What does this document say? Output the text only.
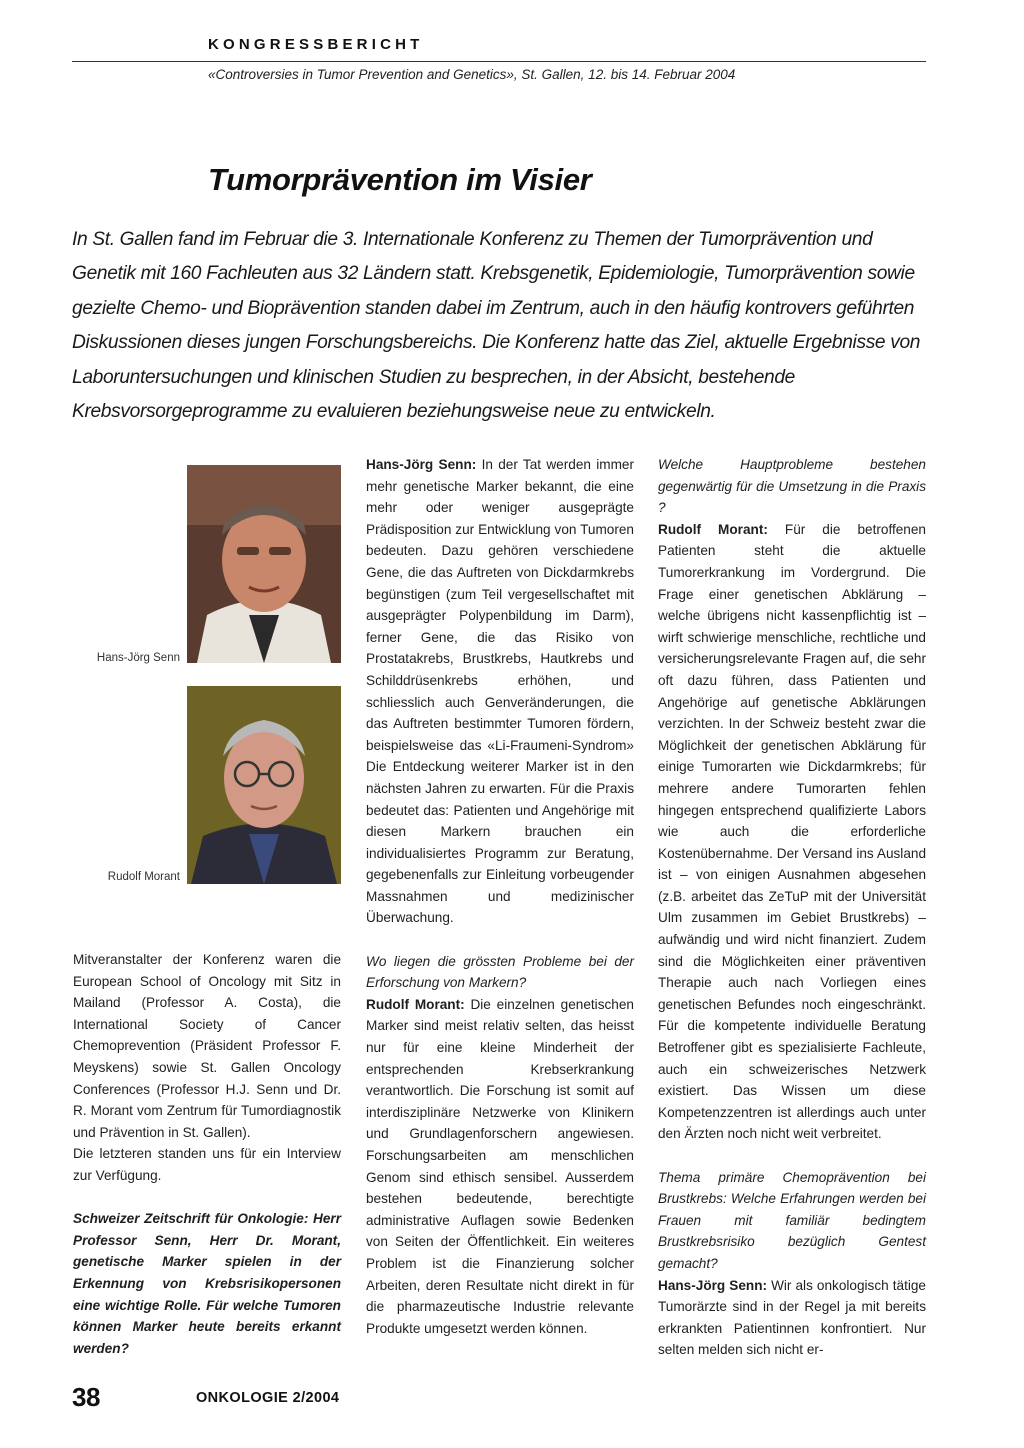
KONGRESSBERICHT
«Controversies in Tumor Prevention and Genetics», St. Gallen, 12. bis 14. Februar 2004
Tumorprävention im Visier
In St. Gallen fand im Februar die 3. Internationale Konferenz zu Themen der Tumorprävention und Genetik mit 160 Fachleuten aus 32 Ländern statt. Krebsgenetik, Epidemiologie, Tumorprävention sowie gezielte Chemo- und Bioprävention standen dabei im Zentrum, auch in den häufig kontrovers geführten Diskussionen dieses jungen Forschungsbereichs. Die Konferenz hatte das Ziel, aktuelle Ergebnisse von Laboruntersuchungen und klinischen Studien zu besprechen, in der Absicht, bestehende Krebsvorsorgeprogramme zu evaluieren beziehungsweise neue zu entwickeln.
Hans-Jörg Senn
Rudolf Morant

Mitveranstalter der Konferenz waren die European School of Oncology mit Sitz in Mailand (Professor A. Costa), die International Society of Cancer Chemoprevention (Präsident Professor F. Meyskens) sowie St. Gallen Oncology Conferences (Professor H.J. Senn und Dr. R. Morant vom Zentrum für Tumordiagnostik und Prävention in St. Gallen).

Die letzteren standen uns für ein Interview zur Verfügung.

Schweizer Zeitschrift für Onkologie: Herr Professor Senn, Herr Dr. Morant, genetische Marker spielen in der Erkennung von Krebsrisikopersonen eine wichtige Rolle. Für welche Tumoren können Marker heute bereits erkannt werden?

Hans-Jörg Senn: In der Tat werden immer mehr genetische Marker bekannt, die eine mehr oder weniger ausgeprägte Prädisposition zur Entwicklung von Tumoren bedeuten. Dazu gehören verschiedene Gene, die das Auftreten von Dickdarmkrebs begünstigen (zum Teil vergesellschaftet mit ausgeprägter Polypenbildung im Darm), ferner Gene, die das Risiko von Prostatakrebs, Brustkrebs, Hautkrebs und Schilddrüsenkrebs erhöhen, und schliesslich auch Genveränderungen, die das Auftreten bestimmter Tumoren fördern, beispielsweise das «Li-Fraumeni-Syndrom» Die Entdeckung weiterer Marker ist in den nächsten Jahren zu erwarten. Für die Praxis bedeutet das: Patienten und Angehörige mit diesen Markern brauchen ein individualisiertes Programm zur Beratung, gegebenenfalls zur Einleitung vorbeugender Massnahmen und medizinischer Überwachung.

Wo liegen die grössten Probleme bei der Erforschung von Markern?

Rudolf Morant: Die einzelnen genetischen Marker sind meist relativ selten, das heisst nur für eine kleine Minderheit der entsprechenden Krebserkrankung verantwortlich. Die Forschung ist somit auf interdisziplinäre Netzwerke von Klinikern und Grundlagenforschern angewiesen. Forschungsarbeiten am menschlichen Genom sind ethisch sensibel. Ausserdem bestehen bedeutende, berechtigte administrative Auflagen sowie Bedenken von Seiten der Öffentlichkeit. Ein weiteres Problem ist die Finanzierung solcher Arbeiten, deren Resultate nicht direkt in für die pharmazeutische Industrie relevante Produkte umgesetzt werden können.

Welche Hauptprobleme bestehen gegenwärtig für die Umsetzung in die Praxis ?

Rudolf Morant: Für die betroffenen Patienten steht die aktuelle Tumorerkrankung im Vordergrund. Die Frage einer genetischen Abklärung – welche übrigens nicht kassenpflichtig ist – wirft schwierige menschliche, rechtliche und versicherungsrelevante Fragen auf, die sehr oft dazu führen, dass Patienten und Angehörige auf genetische Abklärungen verzichten. In der Schweiz besteht zwar die Möglichkeit der genetischen Abklärung für einige Tumorarten wie Dickdarmkrebs; für mehrere andere Tumorarten fehlen hingegen entsprechend qualifizierte Labors wie auch die erforderliche Kostenübernahme. Der Versand ins Ausland ist – von einigen Ausnahmen abgesehen (z.B. arbeitet das ZeTuP mit der Universität Ulm zusammen im Gebiet Brustkrebs) – aufwändig und wird nicht finanziert. Zudem sind die Möglichkeiten einer präventiven Therapie auch nach Vorliegen eines genetischen Befundes noch eingeschränkt. Für die kompetente individuelle Beratung Betroffener gibt es spezialisierte Fachleute, auch ein schweizerisches Netzwerk existiert. Das Wissen um diese Kompetenzzentren ist allerdings auch unter den Ärzten noch nicht weit verbreitet.

Thema primäre Chemoprävention bei Brustkrebs: Welche Erfahrungen werden bei Frauen mit familiär bedingtem Brustkrebsrisiko bezüglich Gentest gemacht?

Hans-Jörg Senn: Wir als onkologisch tätige Tumorärzte sind in der Regel ja mit bereits erkrankten Patientinnen konfrontiert. Nur selten melden sich nicht er-

38	ONKOLOGIE 2/2004
